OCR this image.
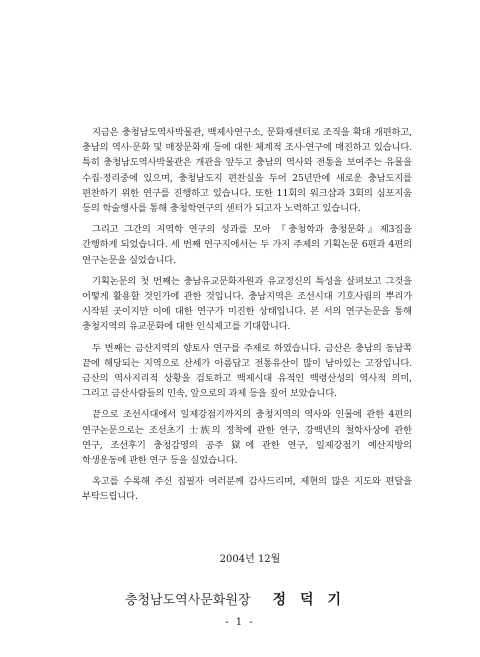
지금은 충청남도역사박물관, 백제사연구소, 문화재센터로 조직을 확대 개편하고, 충남의 역사·문화 및 매장문화재 등에 대한 체계적 조사·연구에 매진하고 있습니다. 특히 충청남도역사박물관은 개관을 앞두고 충남의 역사와 전통을 보여주는 유물을 수집·정리중에 있으며, 충청남도지 편찬실을 두어 25년만에 새로운 충남도지를 편찬하기 위한 연구를 진행하고 있습니다. 또한 11회의 워크샵과 3회의 심포지움 등의 학술행사를 통해 충청학연구의 센터가 되고자 노력하고 있습니다.

그리고 그간의 지역학 연구의 성과를 모아 『충청학과 충청문화』제3집을 간행하게 되었습니다. 세 번째 연구지에서는 두 가지 주제의 기획논문 6편과 4편의 연구논문을 실었습니다.

기획논문의 첫 번째는 충남유교문화자원과 유교정신의 특성을 살펴보고 그것을 어떻게 활용할 것인가에 관한 것입니다. 충남지역은 조선시대 기호사림의 뿌리가 시작된 곳이지만 이에 대한 연구가 미진한 상태입니다. 본 서의 연구논문을 통해 충청지역의 유교문화에 대한 인식제고를 기대합니다.

두 번째는 금산지역의 향토사 연구를 주제로 하였습니다. 금산은 충남의 동남쪽 끝에 해당되는 지역으로 산세가 아름답고 전통유산이 많이 남아있는 고장입니다. 금산의 역사지리적 상황을 검토하고 백제시대 유적인 백령산성의 역사적 의미, 그리고 금산사람들의 민속, 앞으로의 과제 등을 짚어 보았습니다.

끝으로 조선시대에서 일제강점기까지의 충청지역의 역사와 인물에 관한 4편의 연구논문으로는 조선초기 士族의 정착에 관한 연구, 강백년의 철학사상에 관한 연구, 조선후기 충청감영의 공주 獄에 관한 연구, 일제강점기 예산지방의 학생운동에 관한 연구 등을 실었습니다.

옥고를 수록해 주신 집필자 여러분께 감사드리며, 제현의 많은 지도와 편달을 부탁드립니다.

2004년 12월
충청남도역사문화원장 정덕기
- 1 -
